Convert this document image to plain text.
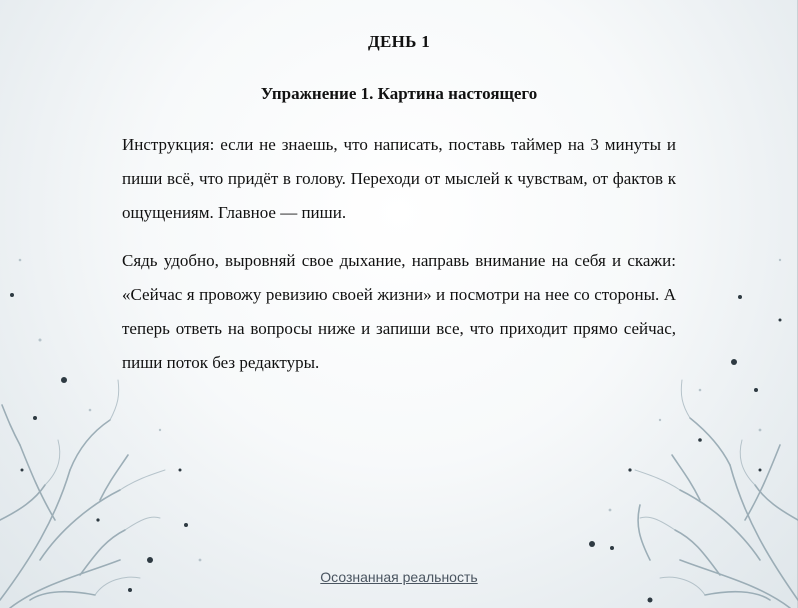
ДЕНЬ 1
Упражнение 1. Картина настоящего

Инструкция: если не знаешь, что написать, поставь таймер на 3 минуты и пиши всё, что придёт в голову. Переходи от мыслей к чувствам, от фактов к ощущениям. Главное — пиши.

Сядь удобно, выровняй свое дыхание, направь внимание на себя и скажи: «Сейчас я провожу ревизию своей жизни» и посмотри на нее со стороны. А теперь ответь на вопросы ниже и запиши все, что приходит прямо сейчас, пиши поток без редактуры.

Осознанная реальность
